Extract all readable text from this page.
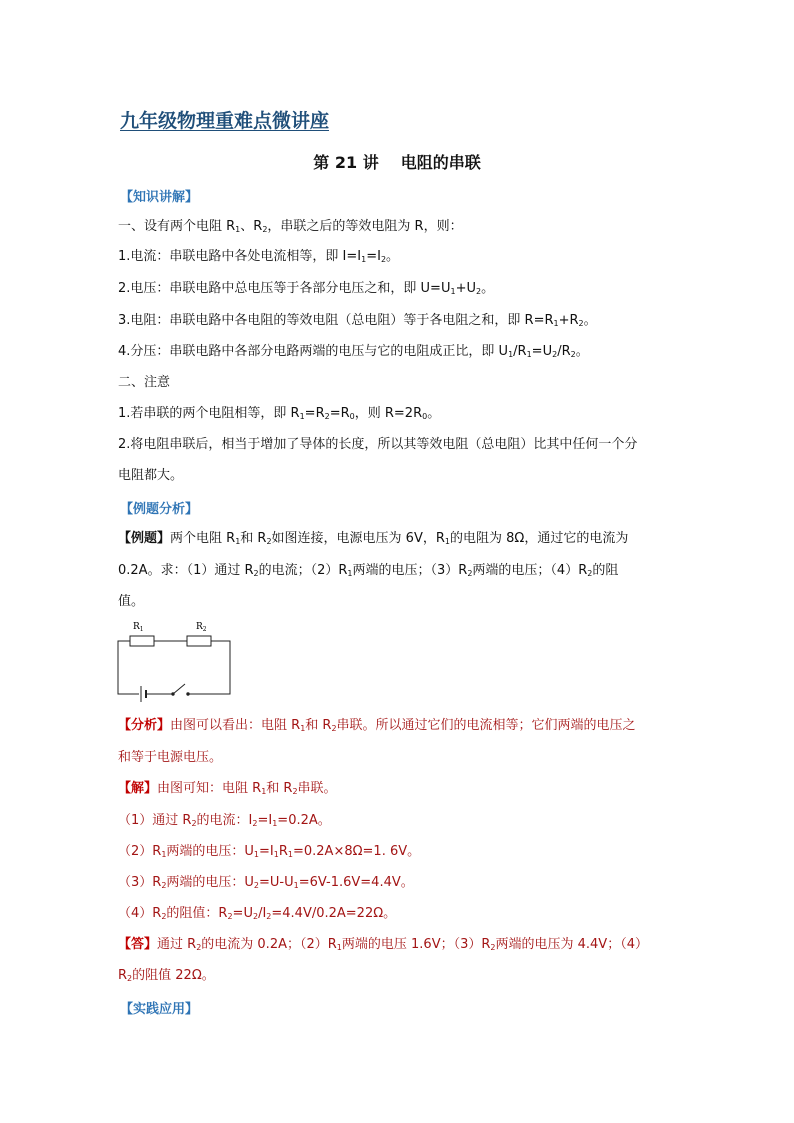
九年级物理重难点微讲座
第 21 讲 电阻的串联
【知识讲解】
一、设有两个电阻 $R_1$、$R_2$，串联之后的等效电阻为 R，则：
1.电流：串联电路中各处电流相等，即 $I=I_1=I_2$。
2.电压：串联电路中总电压等于各部分电压之和，即 $U=U_1+U_2$。
3.电阻：串联电路中各电阻的等效电阻（总电阻）等于各电阻之和，即 $R=R_1+R_2$。
4.分压：串联电路中各部分电路两端的电压与它的电阻成正比，即 $U_1/R_1=U_2/R_2$。
二、注意
1.若串联的两个电阻相等，即 $R_1=R_2=R_0$，则 $R=2R_0$。
2.将电阻串联后，相当于增加了导体的长度，所以其等效电阻（总电阻）比其中任何一个分
电阻都大。
【例题分析】
【例题】两个电阻 $R_1$和 $R_2$如图连接，电源电压为 6V，$R_1$的电阻为 8Ω，通过它的电流为
0.2A。求：（1）通过 $R_2$的电流；$(2)R_1$两端的电压；$(3)R_2$两端的电压；$(4)R_2$的阻
值。
$R_1$	$R_2$
【分析】由图可以看出：电阻 $R_1$和 $R_2$串联。所以通过它们的电流相等；它们两端的电压之
和等于电源电压。
【解】由图可知：电阻 $R_1$和 $R_2$串联。
（1）通过 $R_2$的电流：$I_2=I_1=0.2A$。
$(2)R_1$两端的电压：$U_1=I_1R_1=0.2A\times 8\Omega=1$. 6V。
$(3)R_2$两端的电压：$U_2=U-U_1=6V-1.6V=4.4V$。
$(4)R_2$的阻值：$R_2=U_2/I_2=4.4V/0.2A=22\Omega$。
【答】通过 $R_2$的电流为 0.2A；$(2)R_1$两端的电压 1.6V；$(3)R_2$两端的电压为 4.4V；（4）
$R_2$的阻值 22Ω。
【实践应用】
